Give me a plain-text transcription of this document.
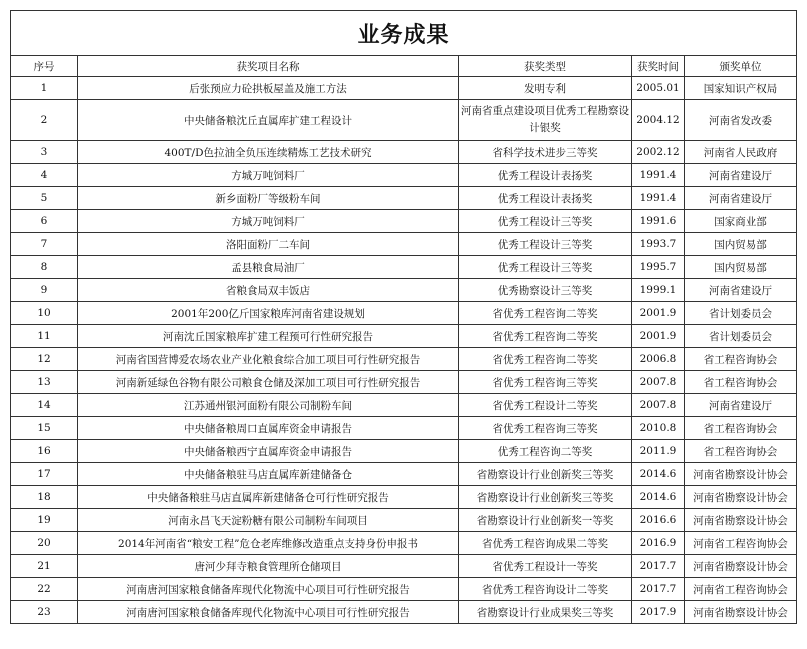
业务成果				
序号	获奖项目名称	获奖类型	获奖时间	颁奖单位
1	后张预应力砼拱板屋盖及施工方法	发明专利	2005.01	国家知识产权局
2	中央储备粮沈丘直属库扩建工程设计	河南省重点建设项目优秀工程勘察设计银奖	2004.12	河南省发改委
3	400T/D色拉油全负压连续精炼工艺技术研究	省科学技术进步三等奖	2002.12	河南省人民政府
4	方城万吨饲料厂	优秀工程设计表扬奖	1991.4	河南省建设厅
5	新乡面粉厂等级粉车间	优秀工程设计表扬奖	1991.4	河南省建设厅
6	方城万吨饲料厂	优秀工程设计三等奖	1991.6	国家商业部
7	洛阳面粉厂二车间	优秀工程设计三等奖	1993.7	国内贸易部
8	孟县粮食局油厂	优秀工程设计三等奖	1995.7	国内贸易部
9	省粮食局双丰饭店	优秀勘察设计三等奖	1999.1	河南省建设厅
10	2001年200亿斤国家粮库河南省建设规划	省优秀工程咨询二等奖	2001.9	省计划委员会
11	河南沈丘国家粮库扩建工程预可行性研究报告	省优秀工程咨询二等奖	2001.9	省计划委员会
12	河南省国营博爱农场农业产业化粮食综合加工项目可行性研究报告	省优秀工程咨询二等奖	2006.8	省工程咨询协会
13	河南新延绿色谷物有限公司粮食仓储及深加工项目可行性研究报告	省优秀工程咨询三等奖	2007.8	省工程咨询协会
14	江苏通州银河面粉有限公司制粉车间	省优秀工程设计二等奖	2007.8	河南省建设厅
15	中央储备粮周口直属库资金申请报告	省优秀工程咨询三等奖	2010.8	省工程咨询协会
16	中央储备粮西宁直属库资金申请报告	优秀工程咨询二等奖	2011.9	省工程咨询协会
17	中央储备粮驻马店直属库新建储备仓	省勘察设计行业创新奖三等奖	2014.6	河南省勘察设计协会
18	中央储备粮驻马店直属库新建储备仓可行性研究报告	省勘察设计行业创新奖三等奖	2014.6	河南省勘察设计协会
19	河南永昌飞天淀粉糖有限公司制粉车间项目	省勘察设计行业创新奖一等奖	2016.6	河南省勘察设计协会
20	2014年河南省“粮安工程”危仓老库维修改造重点支持身份申报书	省优秀工程咨询成果二等奖	2016.9	河南省工程咨询协会
21	唐河少拜寺粮食管理所仓储项目	省优秀工程设计一等奖	2017.7	河南省勘察设计协会
22	河南唐河国家粮食储备库现代化物流中心项目可行性研究报告	省优秀工程咨询设计二等奖	2017.7	河南省工程咨询协会
23	河南唐河国家粮食储备库现代化物流中心项目可行性研究报告	省勘察设计行业成果奖三等奖	2017.9	河南省勘察设计协会
